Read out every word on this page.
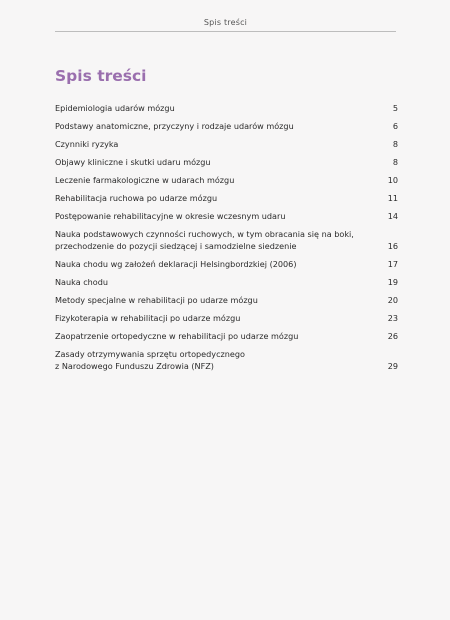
Spis treści
Spis treści
Epidemiologia udarów mózgu	5
Podstawy anatomiczne, przyczyny i rodzaje udarów mózgu	6
Czynniki ryzyka	8
Objawy kliniczne i skutki udaru mózgu	8
Leczenie farmakologiczne w udarach mózgu	10
Rehabilitacja ruchowa po udarze mózgu	11
Postępowanie rehabilitacyjne w okresie wczesnym udaru	14
Nauka podstawowych czynności ruchowych, w tym obracania się na boki,
przechodzenie do pozycji siedzącej i samodzielne siedzenie	16
Nauka chodu wg założeń deklaracji Helsingbordzkiej (2006)	17
Nauka chodu	19
Metody specjalne w rehabilitacji po udarze mózgu	20
Fizykoterapia w rehabilitacji po udarze mózgu	23
Zaopatrzenie ortopedyczne w rehabilitacji po udarze mózgu	26
Zasady otrzymywania sprzętu ortopedycznego
z Narodowego Funduszu Zdrowia (NFZ)	29
